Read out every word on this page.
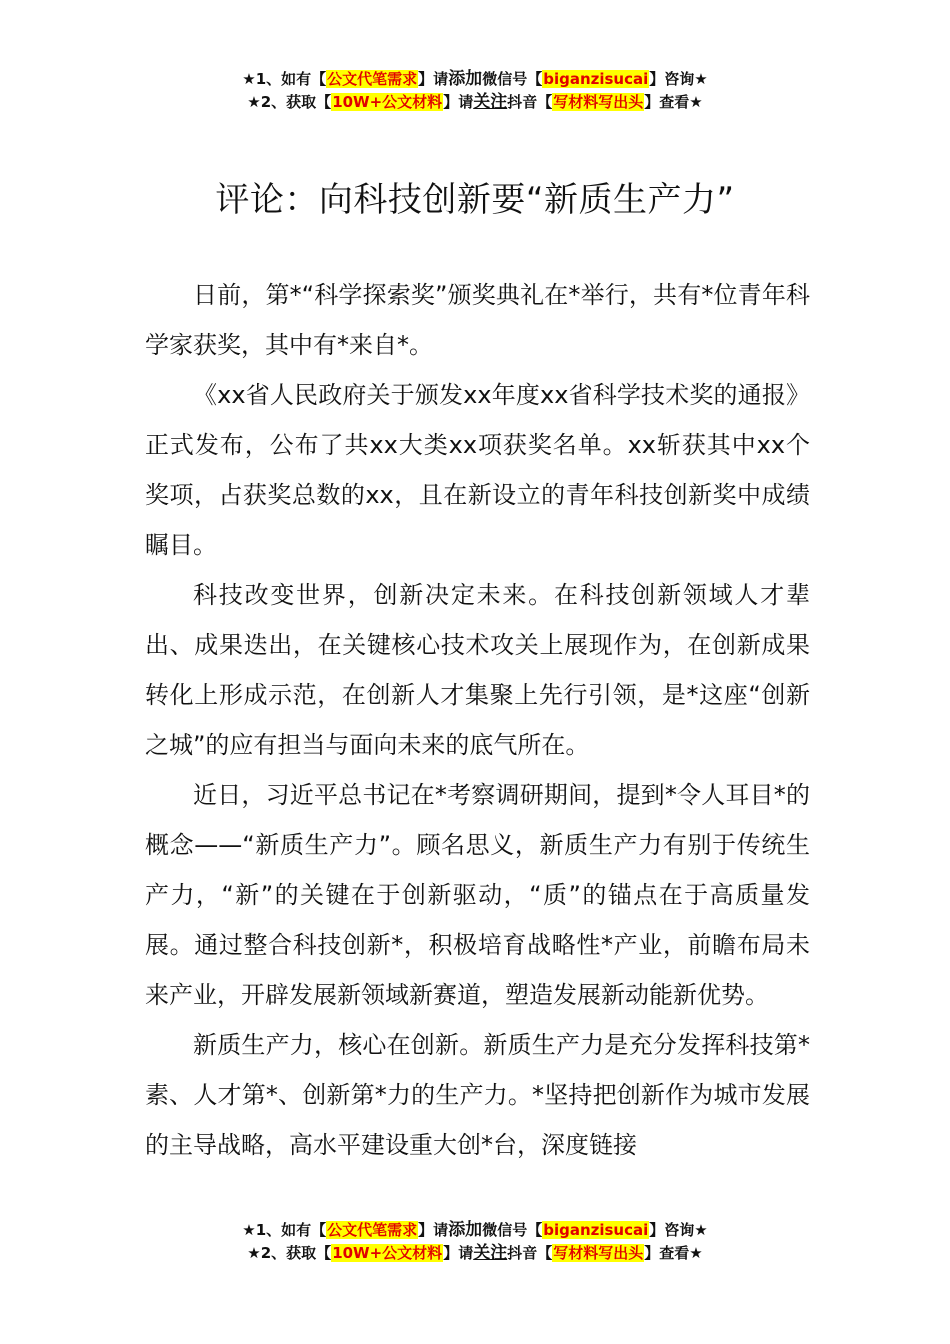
★1、如有【公文代笔需求】请添加微信号【biganzisucai】咨询★
★2、获取【10W+公文材料】请关注抖音【写材料写出头】查看★
评论：向科技创新要“新质生产力”

日前，第*“科学探索奖”颁奖典礼在*举行，共有*位青年科学家获奖，其中有*来自*。

《xx省人民政府关于颁发xx年度xx省科学技术奖的通报》正式发布，公布了共xx大类xx项获奖名单。xx斩获其中xx个奖项，占获奖总数的xx，且在新设立的青年科技创新奖中成绩瞩目。

科技改变世界，创新决定未来。在科技创新领域人才辈出、成果迭出，在关键核心技术攻关上展现作为，在创新成果转化上形成示范，在创新人才集聚上先行引领，是*这座“创新之城”的应有担当与面向未来的底气所在。

近日，习近平总书记在*考察调研期间，提到*令人耳目*的概念——“新质生产力”。顾名思义，新质生产力有别于传统生产力，“新”的关键在于创新驱动，“质”的锚点在于高质量发展。通过整合科技创新*，积极培育战略性*产业，前瞻布局未来产业，开辟发展新领域新赛道，塑造发展新动能新优势。

新质生产力，核心在创新。新质生产力是充分发挥科技第*素、人才第*、创新第*力的生产力。*坚持把创新作为城市发展的主导战略，高水平建设重大创*台，深度链接

★1、如有【公文代笔需求】请添加微信号【biganzisucai】咨询★
★2、获取【10W+公文材料】请关注抖音【写材料写出头】查看★
